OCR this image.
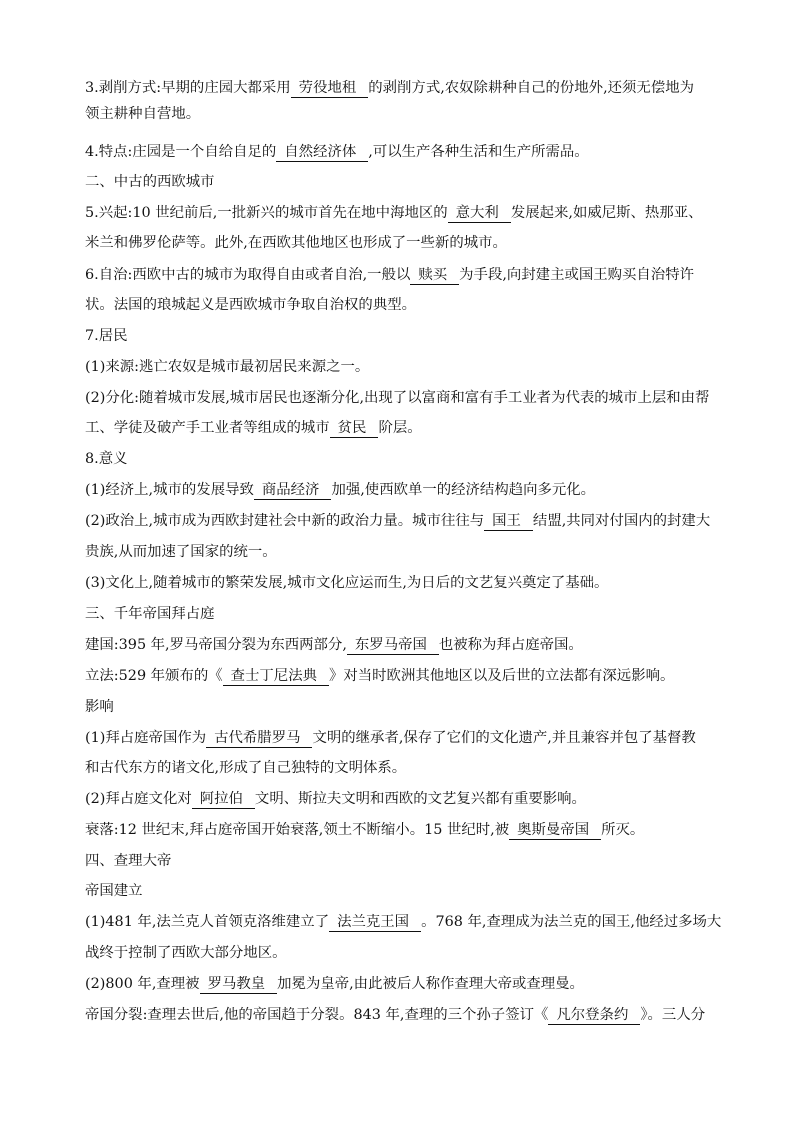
3.剥削方式:早期的庄园大都采用 劳役地租 的剥削方式,农奴除耕种自己的份地外,还须无偿地为
领主耕种自营地。
4.特点:庄园是一个自给自足的 自然经济体 ,可以生产各种生活和生产所需品。
二、中古的西欧城市
5.兴起:10 世纪前后,一批新兴的城市首先在地中海地区的 意大利 发展起来,如威尼斯、热那亚、
米兰和佛罗伦萨等。此外,在西欧其他地区也形成了一些新的城市。
6.自治:西欧中古的城市为取得自由或者自治,一般以 赎买 为手段,向封建主或国王购买自治特许
状。法国的琅城起义是西欧城市争取自治权的典型。
7.居民
(1)来源:逃亡农奴是城市最初居民来源之一。
(2)分化:随着城市发展,城市居民也逐渐分化,出现了以富商和富有手工业者为代表的城市上层和由帮
工、学徒及破产手工业者等组成的城市 贫民 阶层。
8.意义
(1)经济上,城市的发展导致 商品经济 加强,使西欧单一的经济结构趋向多元化。
(2)政治上,城市成为西欧封建社会中新的政治力量。城市往往与 国王 结盟,共同对付国内的封建大
贵族,从而加速了国家的统一。
(3)文化上,随着城市的繁荣发展,城市文化应运而生,为日后的文艺复兴奠定了基础。
三、千年帝国拜占庭
建国:395 年,罗马帝国分裂为东西两部分, 东罗马帝国 也被称为拜占庭帝国。
立法:529 年颁布的《 查士丁尼法典 》对当时欧洲其他地区以及后世的立法都有深远影响。
影响
(1)拜占庭帝国作为 古代希腊罗马 文明的继承者,保存了它们的文化遗产,并且兼容并包了基督教
和古代东方的诸文化,形成了自己独特的文明体系。
(2)拜占庭文化对 阿拉伯 文明、斯拉夫文明和西欧的文艺复兴都有重要影响。
衰落:12 世纪末,拜占庭帝国开始衰落,领土不断缩小。15 世纪时,被 奥斯曼帝国 所灭。
四、查理大帝
帝国建立
(1)481 年,法兰克人首领克洛维建立了 法兰克王国 。768 年,查理成为法兰克的国王,他经过多场大
战终于控制了西欧大部分地区。
(2)800 年,查理被 罗马教皇 加冕为皇帝,由此被后人称作查理大帝或查理曼。
帝国分裂:查理去世后,他的帝国趋于分裂。843 年,查理的三个孙子签订《 凡尔登条约 》。三人分
